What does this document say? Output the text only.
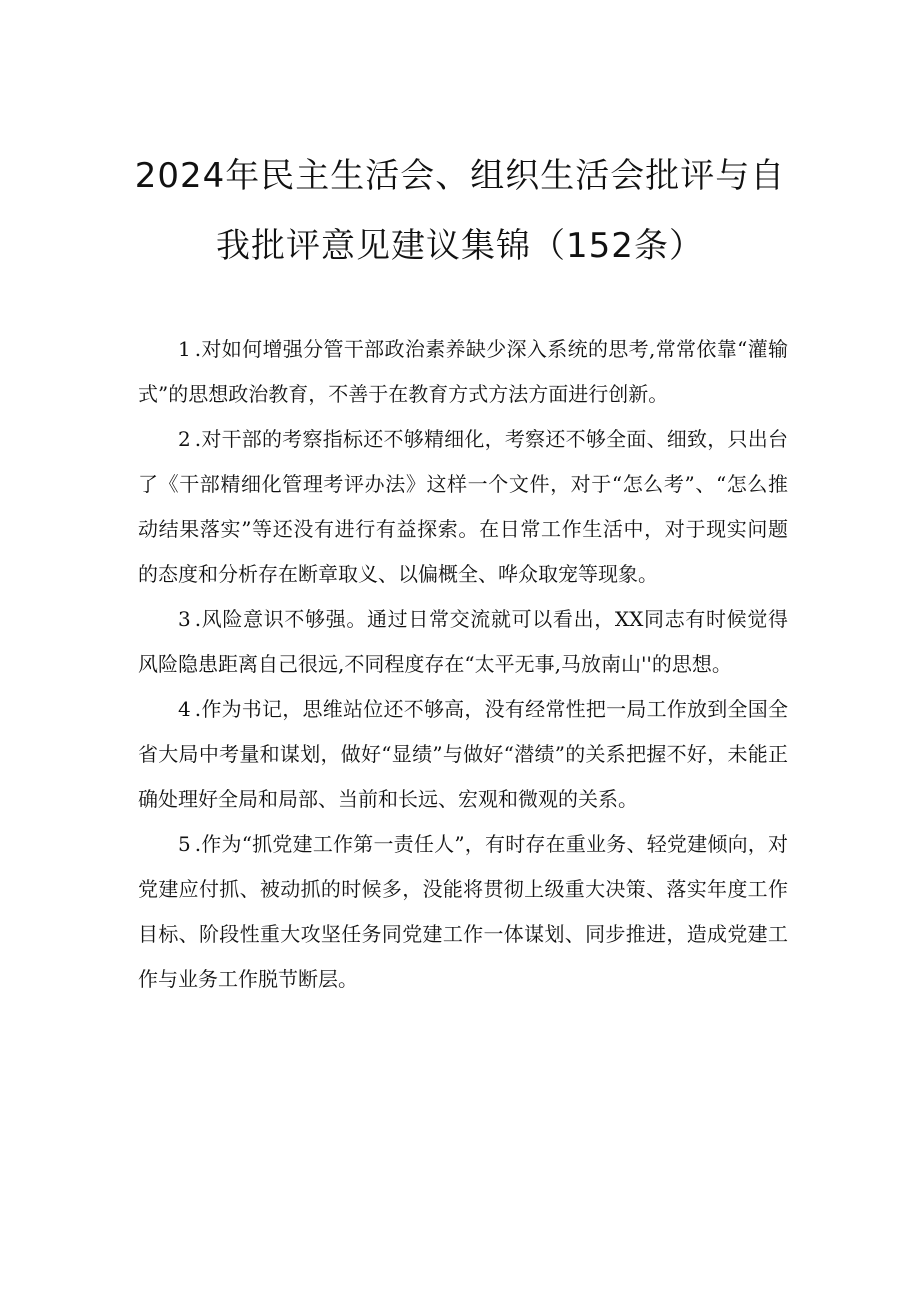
2024年民主生活会、组织生活会批评与自
我批评意见建议集锦（152条）

1 .对如何增强分管干部政治素养缺少深入系统的思考,常常依靠“灌输式”的思想政治教育，不善于在教育方式方法方面进行创新。

2 .对干部的考察指标还不够精细化，考察还不够全面、细致，只出台了《干部精细化管理考评办法》这样一个文件，对于“怎么考”、“怎么推动结果落实”等还没有进行有益探索。在日常工作生活中，对于现实问题的态度和分析存在断章取义、以偏概全、哗众取宠等现象。

3 .风险意识不够强。通过日常交流就可以看出，XX同志有时候觉得风险隐患距离自己很远,不同程度存在“太平无事,马放南山''的思想。

4 .作为书记，思维站位还不够高，没有经常性把一局工作放到全国全省大局中考量和谋划，做好“显绩”与做好“潜绩”的关系把握不好，未能正确处理好全局和局部、当前和长远、宏观和微观的关系。

5 .作为“抓党建工作第一责任人”，有时存在重业务、轻党建倾向，对党建应付抓、被动抓的时候多，没能将贯彻上级重大决策、落实年度工作目标、阶段性重大攻坚任务同党建工作一体谋划、同步推进，造成党建工作与业务工作脱节断层。
